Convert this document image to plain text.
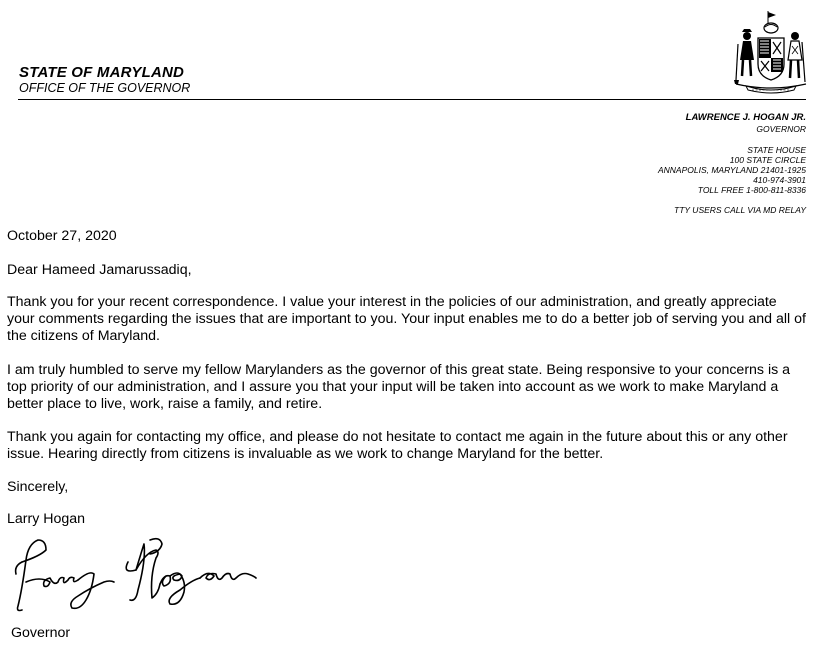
STATE OF MARYLAND
OFFICE OF THE GOVERNOR
LAWRENCE J. HOGAN JR.
GOVERNOR
STATE HOUSE
100 STATE CIRCLE
ANNAPOLIS, MARYLAND 21401-1925
410-974-3901
TOLL FREE 1-800-811-8336
TTY USERS CALL VIA MD RELAY

October 27, 2020

Dear Hameed Jamarussadiq,

Thank you for your recent correspondence. I value your interest in the policies of our administration, and greatly appreciate your comments regarding the issues that are important to you. Your input enables me to do a better job of serving you and all of the citizens of Maryland.

I am truly humbled to serve my fellow Marylanders as the governor of this great state. Being responsive to your concerns is a top priority of our administration, and I assure you that your input will be taken into account as we work to make Maryland a better place to live, work, raise a family, and retire.

Thank you again for contacting my office, and please do not hesitate to contact me again in the future about this or any other issue. Hearing directly from citizens is invaluable as we work to change Maryland for the better.

Sincerely,

Larry Hogan

Governor
